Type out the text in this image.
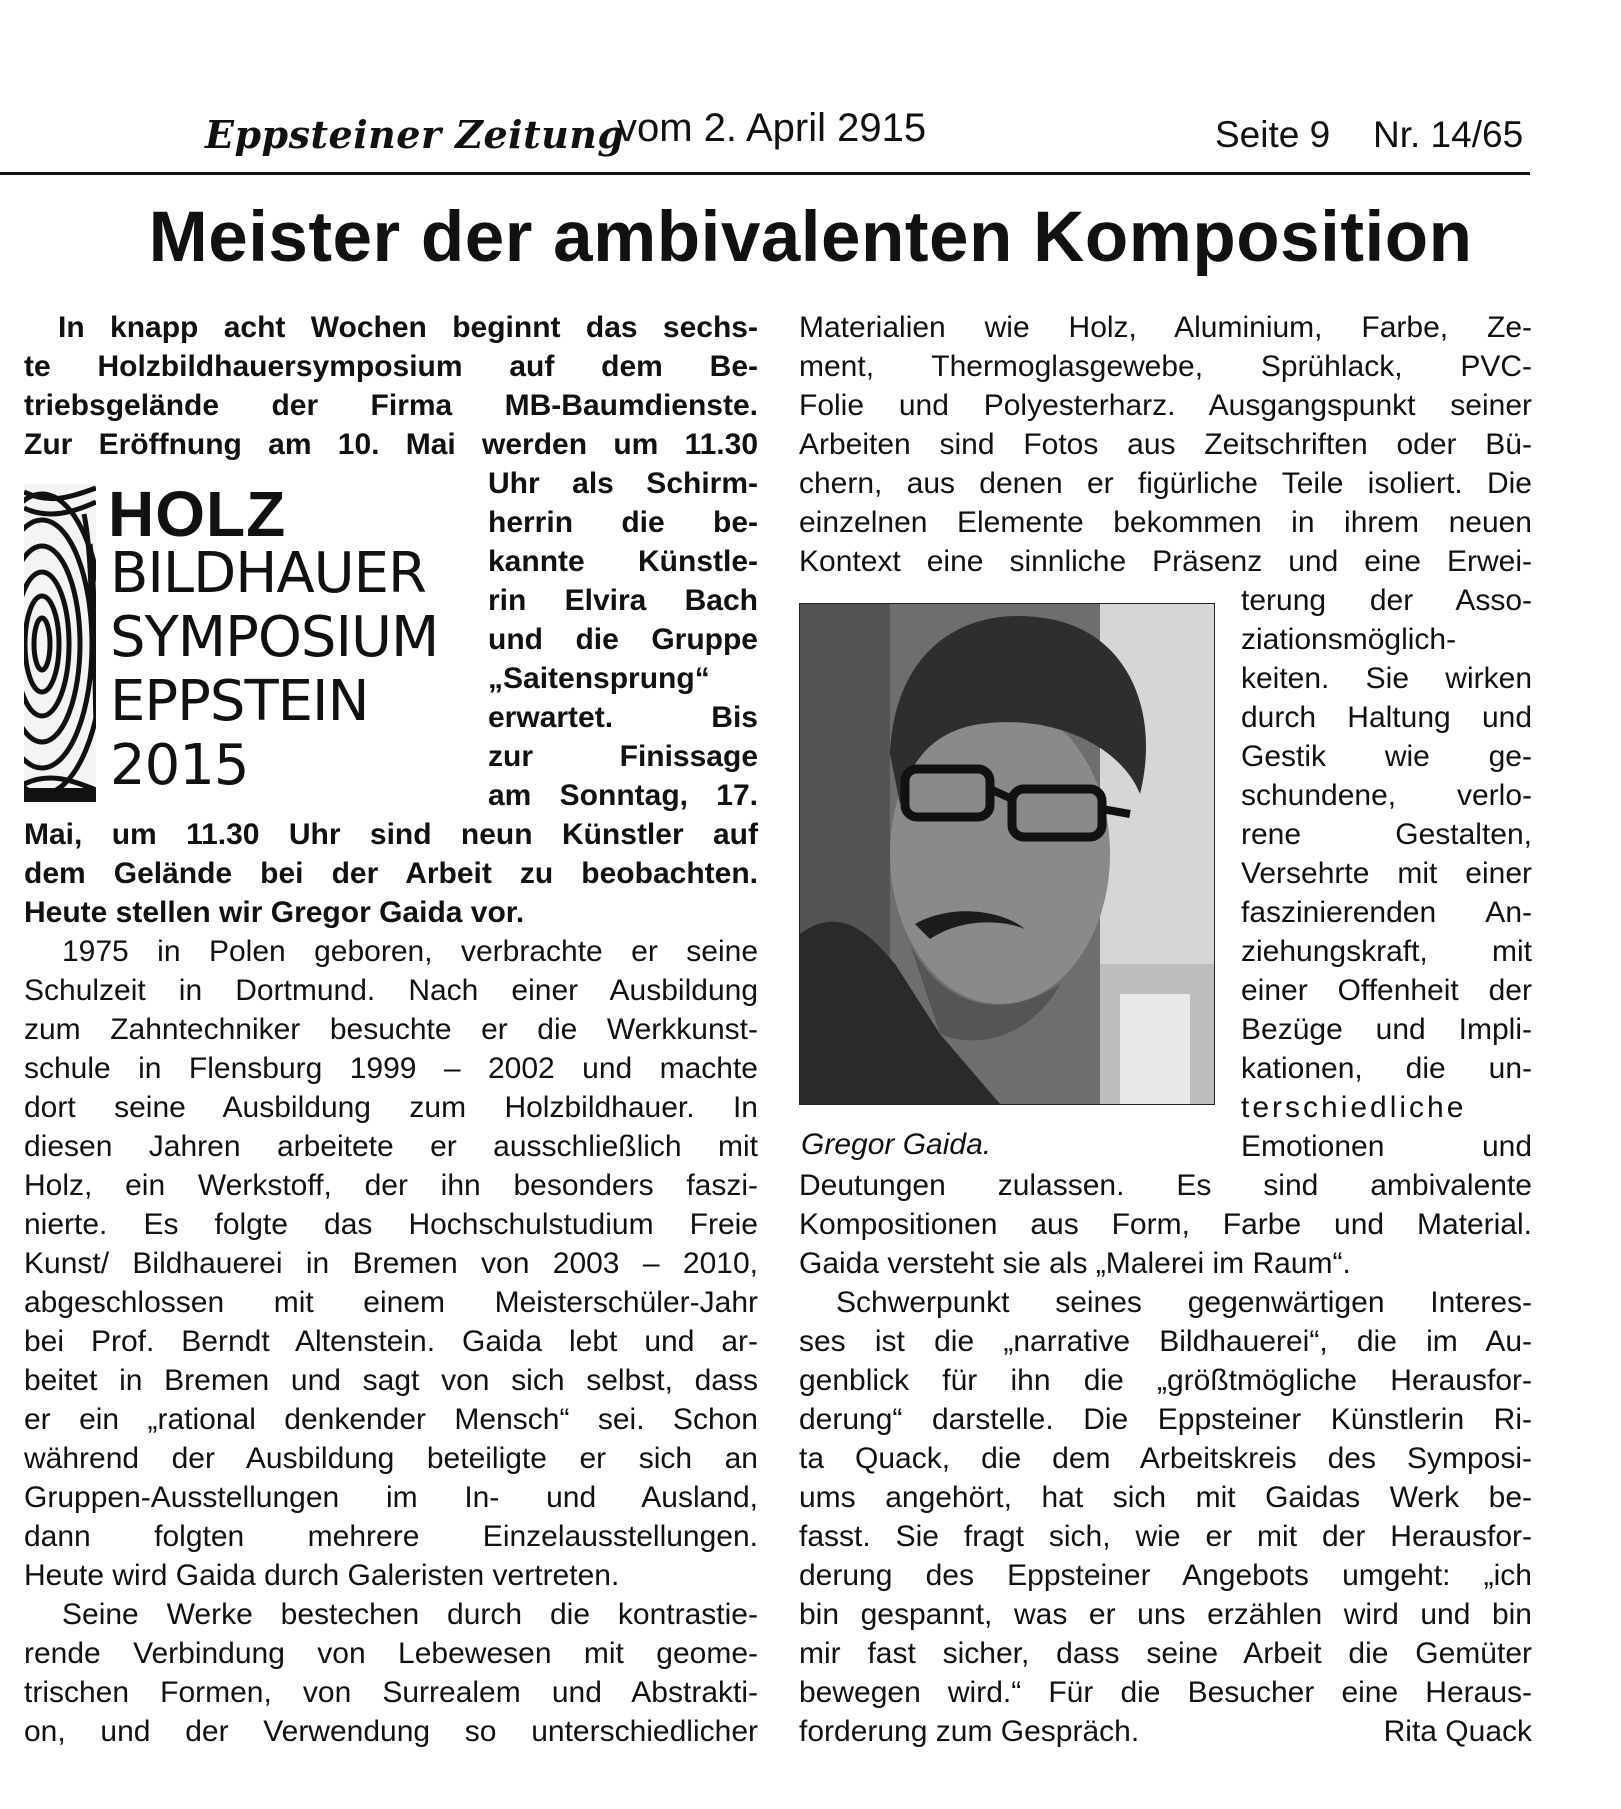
Eppsteiner Zeitung
vom 2. April 2915	Seite 9 Nr. 14/65
Meister der ambivalenten Komposition
HOLZ
BILDHAUER
SYMPOSIUM
EPPSTEIN
2015
In knapp acht Wochen beginnt das sechs-
te Holzbildhauersymposium auf dem Be-
triebsgelände der Firma MB-Baumdienste.
Zur Eröffnung am 10. Mai werden um 11.30
Uhr als Schirm-
herrin die be-
kannte Künstle-
rin Elvira Bach
und die Gruppe
„Saitensprung“
erwartet. Bis
zur Finissage
am Sonntag, 17.
Mai, um 11.30 Uhr sind neun Künstler auf
dem Gelände bei der Arbeit zu beobachten.
Heute stellen wir Gregor Gaida vor.
1975 in Polen geboren, verbrachte er seine
Schulzeit in Dortmund. Nach einer Ausbildung
zum Zahntechniker besuchte er die Werkkunst-
schule in Flensburg 1999 – 2002 und machte
dort seine Ausbildung zum Holzbildhauer. In
diesen Jahren arbeitete er ausschließlich mit
Holz, ein Werkstoff, der ihn besonders faszi-
nierte. Es folgte das Hochschulstudium Freie
Kunst/ Bildhauerei in Bremen von 2003 – 2010,
abgeschlossen mit einem Meisterschüler-Jahr
bei Prof. Berndt Altenstein. Gaida lebt und ar-
beitet in Bremen und sagt von sich selbst, dass
er ein „rational denkender Mensch“ sei. Schon
während der Ausbildung beteiligte er sich an
Gruppen-Ausstellungen im In- und Ausland,
dann folgten mehrere Einzelausstellungen.
Heute wird Gaida durch Galeristen vertreten.
Seine Werke bestechen durch die kontrastie-
rende Verbindung von Lebewesen mit geome-
trischen Formen, von Surrealem und Abstrakti-
on, und der Verwendung so unterschiedlicher
Materialien wie Holz, Aluminium, Farbe, Ze-
ment, Thermoglasgewebe, Sprühlack, PVC-
Folie und Polyesterharz. Ausgangspunkt seiner
Arbeiten sind Fotos aus Zeitschriften oder Bü-
chern, aus denen er figürliche Teile isoliert. Die
einzelnen Elemente bekommen in ihrem neuen
Kontext eine sinnliche Präsenz und eine Erwei-
terung der Asso-
ziationsmöglich-
keiten. Sie wirken
durch Haltung und
Gestik wie ge-
schundene, verlo-
rene Gestalten,
Versehrte mit einer
faszinierenden An-
ziehungskraft, mit
einer Offenheit der
Bezüge und Impli-
kationen, die un-
terschiedliche
Emotionen und
Gregor Gaida.
Deutungen zulassen. Es sind ambivalente
Kompositionen aus Form, Farbe und Material.
Gaida versteht sie als „Malerei im Raum“.
Schwerpunkt seines gegenwärtigen Interes-
ses ist die „narrative Bildhauerei“, die im Au-
genblick für ihn die „größtmögliche Herausfor-
derung“ darstelle. Die Eppsteiner Künstlerin Ri-
ta Quack, die dem Arbeitskreis des Symposi-
ums angehört, hat sich mit Gaidas Werk be-
fasst. Sie fragt sich, wie er mit der Herausfor-
derung des Eppsteiner Angebots umgeht: „ich
bin gespannt, was er uns erzählen wird und bin
mir fast sicher, dass seine Arbeit die Gemüter
bewegen wird.“ Für die Besucher eine Heraus-
forderung zum Gespräch.	Rita Quack
